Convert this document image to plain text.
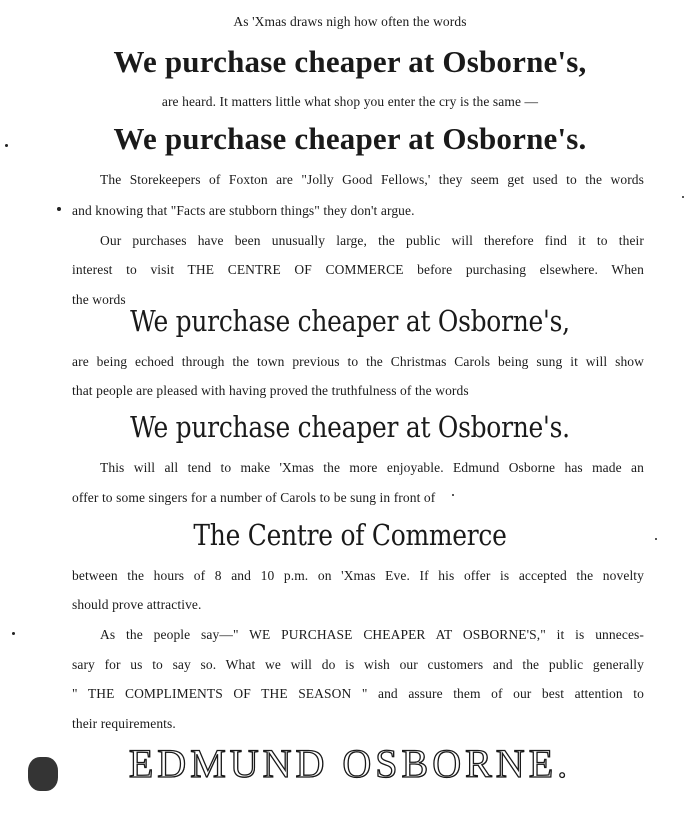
As 'Xmas draws nigh how often the words
We purchase cheaper at Osborne's,
are heard. It matters little what shop you enter the cry is the same —
We purchase cheaper at Osborne's.
The Storekeepers of Foxton are "Jolly Good Fellows,' they seem get used to the words
and knowing that "Facts are stubborn things" they don't argue.
Our purchases have been unusually large, the public will therefore find it to their
interest to visit THE CENTRE OF COMMERCE before purchasing elsewhere. When
the words
We purchase cheaper at Osborne's,
are being echoed through the town previous to the Christmas Carols being sung it will show
that people are pleased with having proved the truthfulness of the words
We purchase cheaper at Osborne's.
This will all tend to make 'Xmas the more enjoyable. Edmund Osborne has made an
offer to some singers for a number of Carols to be sung in front of
The Centre of Commerce
between the hours of 8 and 10 p.m. on 'Xmas Eve. If his offer is accepted the novelty
should prove attractive.
As the people say—" WE PURCHASE CHEAPER AT OSBORNE'S," it is unneces-
sary for us to say so. What we will do is wish our customers and the public generally
" THE COMPLIMENTS OF THE SEASON " and assure them of our best attention to
their requirements.
EDMUND OSBORNE.
